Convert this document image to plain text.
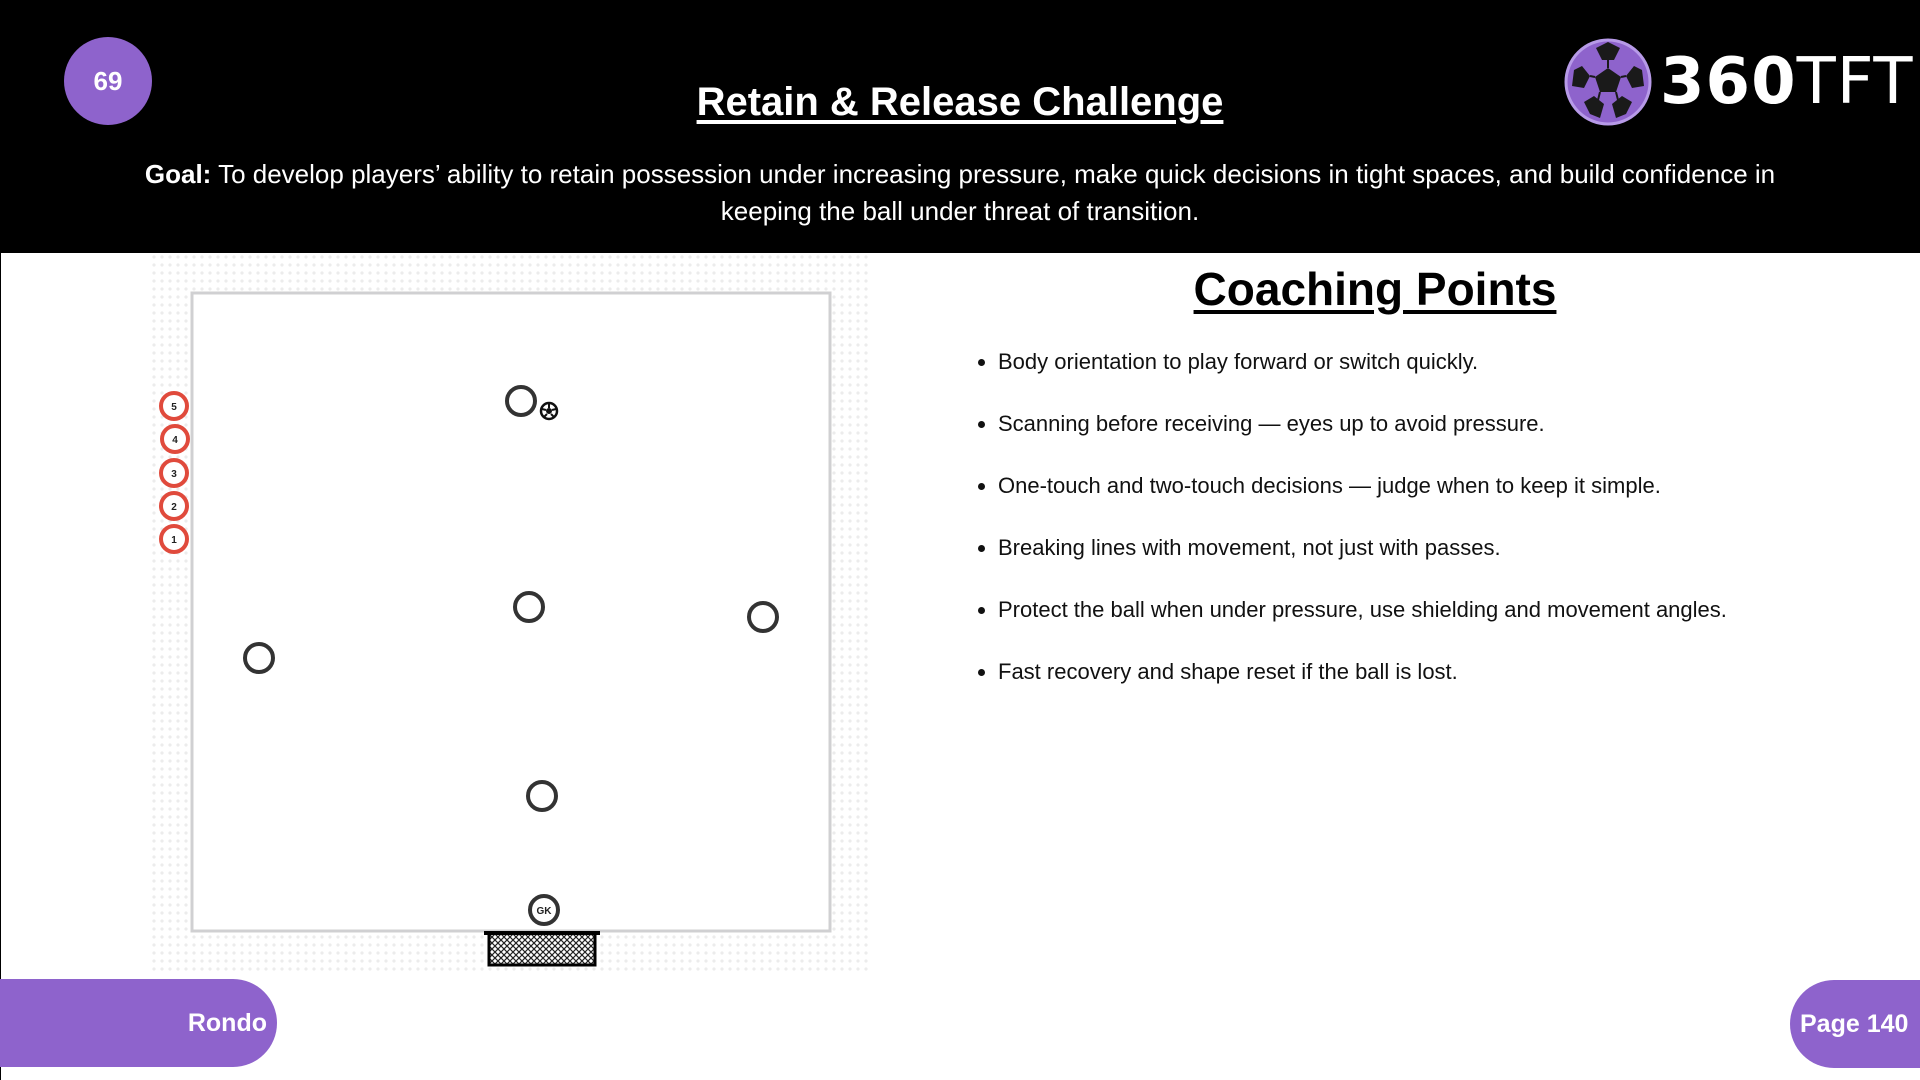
69	Retain & Release Challenge
Goal: To develop players’ ability to retain possession under increasing pressure, make quick decisions in tight spaces, and build confidence in keeping the ball under threat of transition.
360TFT
5
4
3
2
1
GK
Coaching Points
Body orientation to play forward or switch quickly.
Scanning before receiving — eyes up to avoid pressure.
One-touch and two-touch decisions — judge when to keep it simple.
Breaking lines with movement, not just with passes.
Protect the ball when under pressure, use shielding and movement angles.
Fast recovery and shape reset if the ball is lost.
Rondo	Page 140
